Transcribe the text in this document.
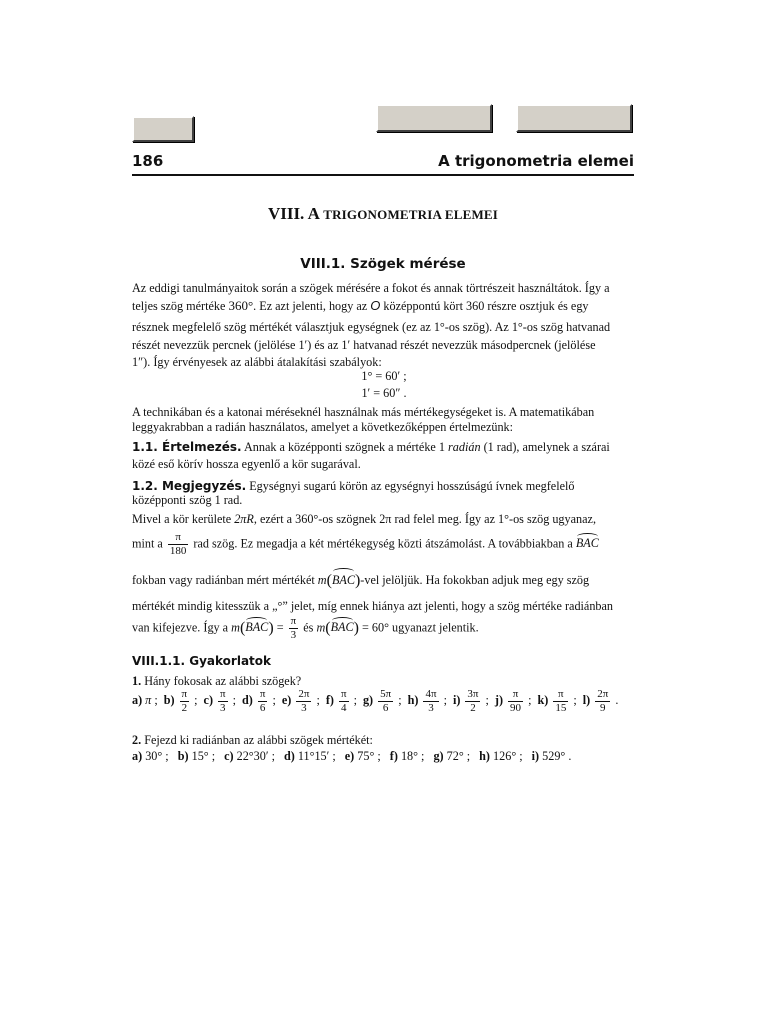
186	A trigonometria elemei
VIII. A TRIGONOMETRIA ELEMEI
VIII.1. Szögek mérése
Az eddigi tanulmányaitok során a szögek mérésére a fokot és annak törtrészeit használtátok. Így a
teljes szög mértéke 360°. Ez azt jelenti, hogy az O középpontú kört 360 részre osztjuk és egy
résznek megfelelő szög mértékét választjuk egységnek (ez az 1°-os szög). Az 1°-os szög hatvanad
részét nevezzük percnek (jelölése 1′) és az 1′ hatvanad részét nevezzük másodpercnek (jelölése
1″). Így érvényesek az alábbi átalakítási szabályok:
1° = 60′ ;
1′ = 60″ .
A technikában és a katonai méréseknél használnak más mértékegységeket is. A matematikában
leggyakrabban a radián használatos, amelyet a következőképpen értelmezünk:
1.1. Értelmezés. Annak a középponti szögnek a mértéke 1 radián (1 rad), amelynek a szárai
közé eső körív hossza egyenlő a kör sugarával.
1.2. Megjegyzés. Egységnyi sugarú körön az egységnyi hosszúságú ívnek megfelelő
középponti szög 1 rad.
Mivel a kör kerülete 2πR, ezért a 360°-os szögnek 2π rad felel meg. Így az 1°-os szög ugyanaz,
mint a $\frac{\pi}{180}$ rad szög. Ez megadja a két mértékegység közti átszámolást. A továbbiakban a BAC
fokban vagy radiánban mért mértékét m(BAC)-vel jelöljük. Ha fokokban adjuk meg egy szög
mértékét mindig kitesszük a „°” jelet, míg ennek hiánya azt jelenti, hogy a szög mértéke radiánban
van kifejezve. Így a $m(BAC) = \frac{\pi}{3}$ és m(BAC) = 60° ugyanazt jelentik.
VIII.1.1. Gyakorlatok
1. Hány fokosak az alábbi szögek?
a) π ; $b) \frac{\pi}{2}$ ; $c) \frac{\pi}{3}$ ; $d) \frac{\pi}{6}$ ; $e) \frac{2\pi}{3}$ ; $f) \frac{\pi}{4}$ ; $g) \frac{5\pi}{6}$ ; $h) \frac{4\pi}{3}$ ; $i) \frac{3\pi}{2}$ ; $j) \frac{\pi}{90}$ ; $k) \frac{\pi}{15}$ ; $l) \frac{2\pi}{9}$ .
2. Fejezd ki radiánban az alábbi szögek mértékét:
a) 30° ; b) 15° ; c) 22°30′ ; d) 11°15′ ; e) 75° ; f) 18° ; g) 72° ; h) 126° ; i) 529° .
